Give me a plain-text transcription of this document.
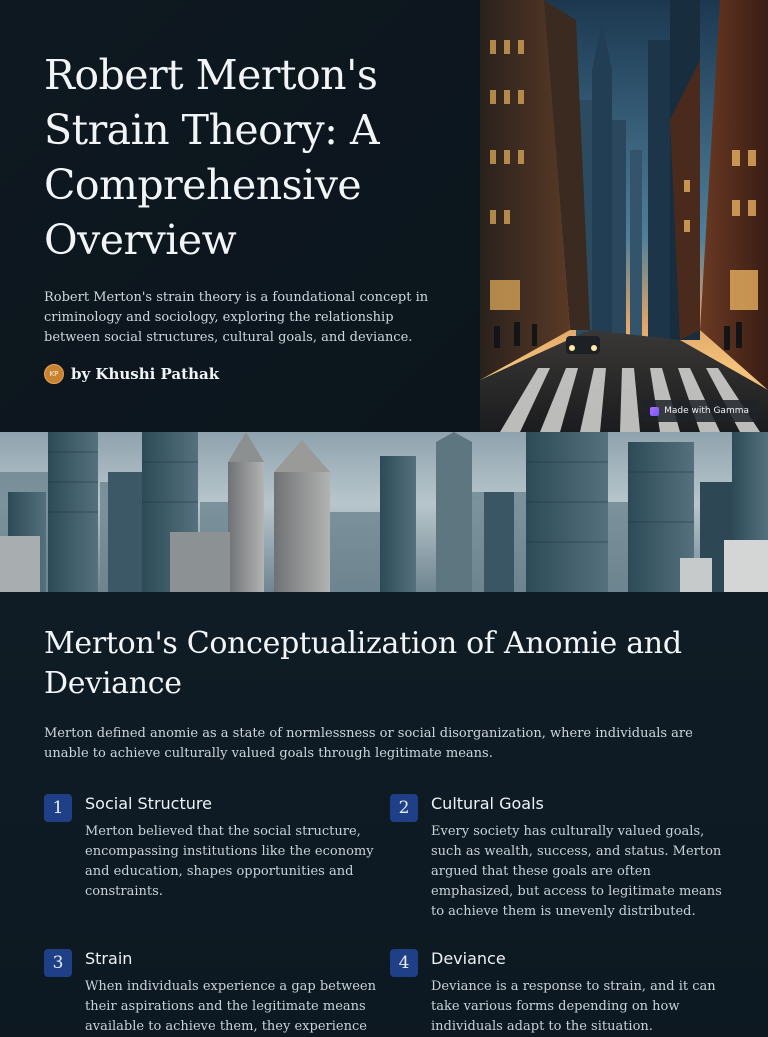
Robert Merton's Strain Theory: A Comprehensive Overview

Robert Merton's strain theory is a foundational concept in criminology and sociology, exploring the relationship between social structures, cultural goals, and deviance.

KP by Khushi Pathak
Made with Gamma
Merton's Conceptualization of Anomie and Deviance

Merton defined anomie as a state of normlessness or social disorganization, where individuals are unable to achieve culturally valued goals through legitimate means.

1	Social Structure
Merton believed that the social structure, encompassing institutions like the economy and education, shapes opportunities and constraints.
2	Cultural Goals
Every society has culturally valued goals, such as wealth, success, and status. Merton argued that these goals are often emphasized, but access to legitimate means to achieve them is unevenly distributed.
3	Strain
When individuals experience a gap between their aspirations and the legitimate means available to achieve them, they experience
4	Deviance
Deviance is a response to strain, and it can take various forms depending on how individuals adapt to the situation.
